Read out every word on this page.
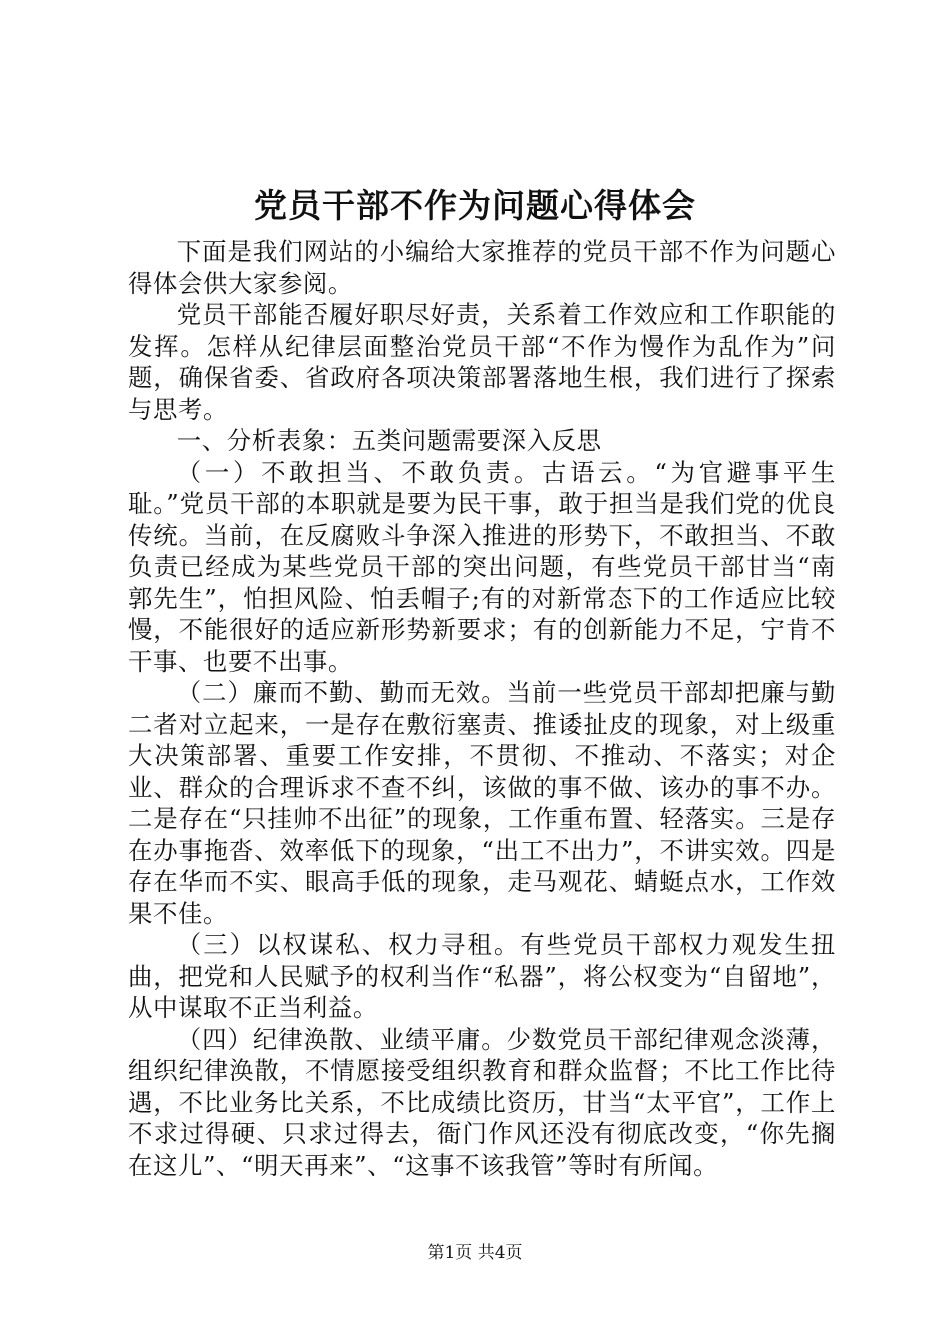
党员干部不作为问题心得体会

下面是我们网站的小编给大家推荐的党员干部不作为问题心得体会供大家参阅。

党员干部能否履好职尽好责，关系着工作效应和工作职能的发挥。怎样从纪律层面整治党员干部“不作为慢作为乱作为”问题，确保省委、省政府各项决策部署落地生根，我们进行了探索与思考。

一、分析表象：五类问题需要深入反思

（一）不敢担当、不敢负责。古语云。“为官避事平生耻。”党员干部的本职就是要为民干事，敢于担当是我们党的优良传统。当前，在反腐败斗争深入推进的形势下，不敢担当、不敢负责已经成为某些党员干部的突出问题，有些党员干部甘当“南郭先生”，怕担风险、怕丢帽子;有的对新常态下的工作适应比较慢，不能很好的适应新形势新要求；有的创新能力不足，宁肯不干事、也要不出事。

（二）廉而不勤、勤而无效。当前一些党员干部却把廉与勤二者对立起来，一是存在敷衍塞责、推诿扯皮的现象，对上级重大决策部署、重要工作安排，不贯彻、不推动、不落实；对企业、群众的合理诉求不查不纠，该做的事不做、该办的事不办。二是存在“只挂帅不出征”的现象，工作重布置、轻落实。三是存在办事拖沓、效率低下的现象，“出工不出力”，不讲实效。四是存在华而不实、眼高手低的现象，走马观花、蜻蜓点水，工作效果不佳。

（三）以权谋私、权力寻租。有些党员干部权力观发生扭曲，把党和人民赋予的权利当作“私器”，将公权变为“自留地”，从中谋取不正当利益。

（四）纪律涣散、业绩平庸。少数党员干部纪律观念淡薄，组织纪律涣散，不情愿接受组织教育和群众监督；不比工作比待遇，不比业务比关系，不比成绩比资历，甘当“太平官”，工作上不求过得硬、只求过得去，衙门作风还没有彻底改变，“你先搁在这儿”、“明天再来”、“这事不该我管”等时有所闻。

第1页 共4页
